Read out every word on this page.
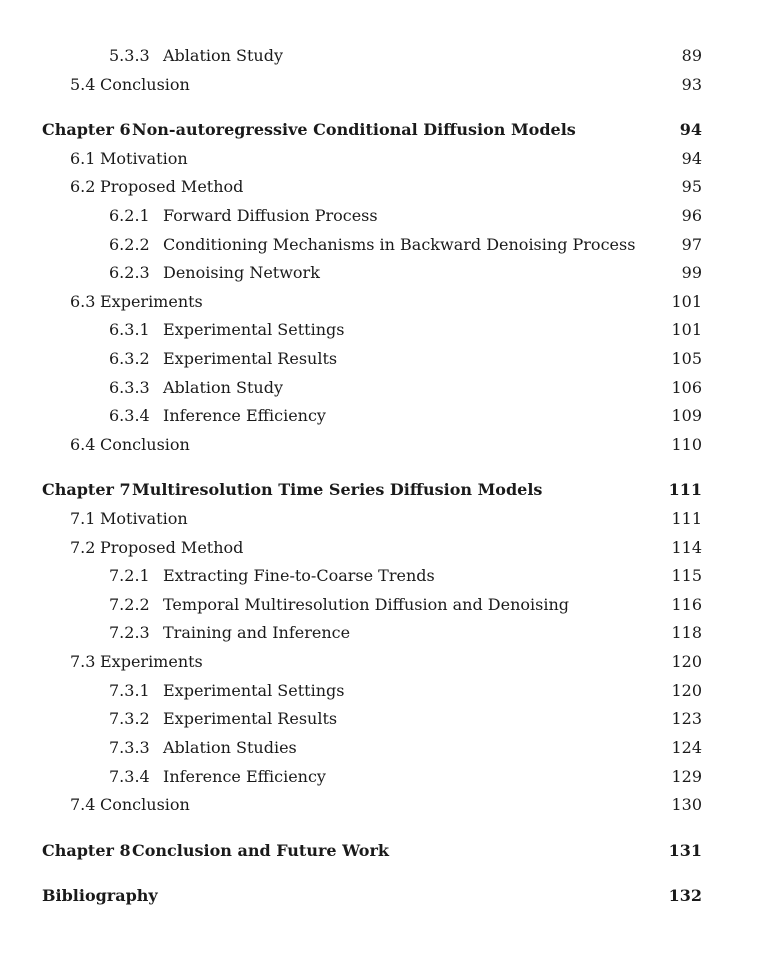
5.3.3 Ablation Study	89
5.4 Conclusion	93
Chapter 6 Non-autoregressive Conditional Diffusion Models	94
6.1 Motivation	94
6.2 Proposed Method	95
6.2.1 Forward Diffusion Process	96
6.2.2 Conditioning Mechanisms in Backward Denoising Process	97
6.2.3 Denoising Network	99
6.3 Experiments	101
6.3.1 Experimental Settings	101
6.3.2 Experimental Results	105
6.3.3 Ablation Study	106
6.3.4 Inference Efficiency	109
6.4 Conclusion	110
Chapter 7 Multiresolution Time Series Diffusion Models	111
7.1 Motivation	111
7.2 Proposed Method	114
7.2.1 Extracting Fine-to-Coarse Trends	115
7.2.2 Temporal Multiresolution Diffusion and Denoising	116
7.2.3 Training and Inference	118
7.3 Experiments	120
7.3.1 Experimental Settings	120
7.3.2 Experimental Results	123
7.3.3 Ablation Studies	124
7.3.4 Inference Efficiency	129
7.4 Conclusion	130
Chapter 8 Conclusion and Future Work	131
Bibliography	132
